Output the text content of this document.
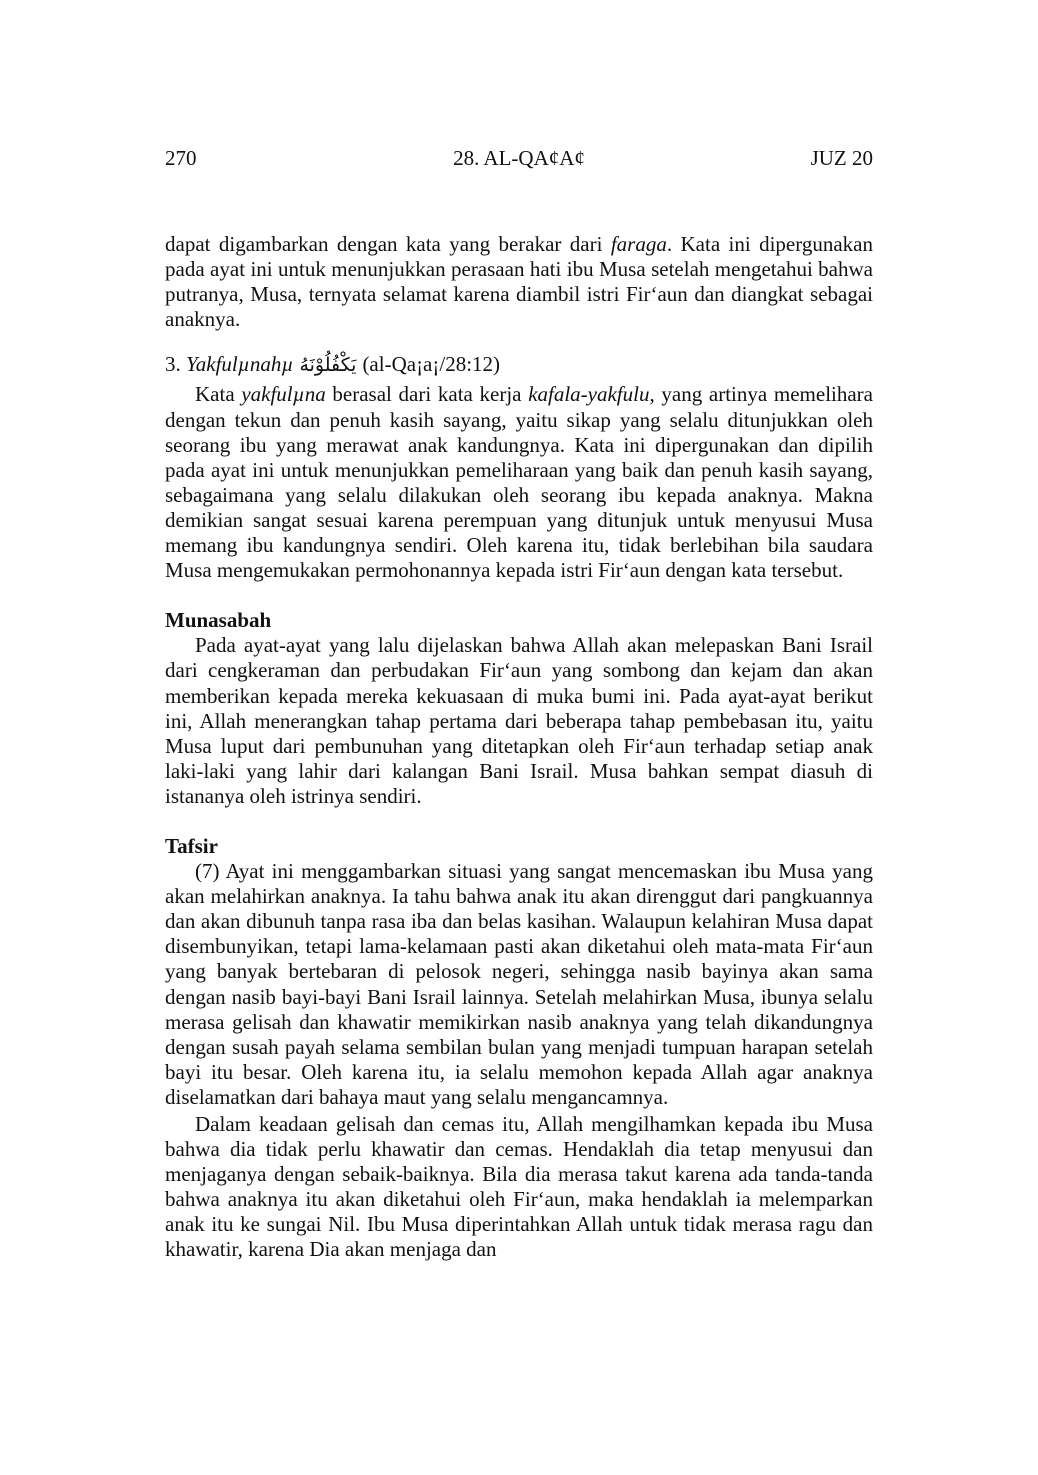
270	28. AL-QA¢A¢	JUZ 20

dapat digambarkan dengan kata yang berakar dari faraga. Kata ini dipergunakan pada ayat ini untuk menunjukkan perasaan hati ibu Musa setelah mengetahui bahwa putranya, Musa, ternyata selamat karena diambil istri Fir‘aun dan diangkat sebagai anaknya.

3. Yakfulµnahµ يَكْفُلُوْنَهُ (al-Qa¡a¡/28:12)

Kata yakfulµna berasal dari kata kerja kafala-yakfulu, yang artinya memelihara dengan tekun dan penuh kasih sayang, yaitu sikap yang selalu ditunjukkan oleh seorang ibu yang merawat anak kandungnya. Kata ini dipergunakan dan dipilih pada ayat ini untuk menunjukkan pemeliharaan yang baik dan penuh kasih sayang, sebagaimana yang selalu dilakukan oleh seorang ibu kepada anaknya. Makna demikian sangat sesuai karena perempuan yang ditunjuk untuk menyusui Musa memang ibu kandungnya sendiri. Oleh karena itu, tidak berlebihan bila saudara Musa mengemukakan permohonannya kepada istri Fir‘aun dengan kata tersebut.

Munasabah

Pada ayat-ayat yang lalu dijelaskan bahwa Allah akan melepaskan Bani Israil dari cengkeraman dan perbudakan Fir‘aun yang sombong dan kejam dan akan memberikan kepada mereka kekuasaan di muka bumi ini. Pada ayat-ayat berikut ini, Allah menerangkan tahap pertama dari beberapa tahap pembebasan itu, yaitu Musa luput dari pembunuhan yang ditetapkan oleh Fir‘aun terhadap setiap anak laki-laki yang lahir dari kalangan Bani Israil. Musa bahkan sempat diasuh di istananya oleh istrinya sendiri.

Tafsir

(7) Ayat ini menggambarkan situasi yang sangat mencemaskan ibu Musa yang akan melahirkan anaknya. Ia tahu bahwa anak itu akan direnggut dari pangkuannya dan akan dibunuh tanpa rasa iba dan belas kasihan. Walaupun kelahiran Musa dapat disembunyikan, tetapi lama-kelamaan pasti akan diketahui oleh mata-mata Fir‘aun yang banyak bertebaran di pelosok negeri, sehingga nasib bayinya akan sama dengan nasib bayi-bayi Bani Israil lainnya. Setelah melahirkan Musa, ibunya selalu merasa gelisah dan khawatir memikirkan nasib anaknya yang telah dikandungnya dengan susah payah selama sembilan bulan yang menjadi tumpuan harapan setelah bayi itu besar. Oleh karena itu, ia selalu memohon kepada Allah agar anaknya diselamatkan dari bahaya maut yang selalu mengancamnya.

Dalam keadaan gelisah dan cemas itu, Allah mengilhamkan kepada ibu Musa bahwa dia tidak perlu khawatir dan cemas. Hendaklah dia tetap menyusui dan menjaganya dengan sebaik-baiknya. Bila dia merasa takut karena ada tanda-tanda bahwa anaknya itu akan diketahui oleh Fir‘aun, maka hendaklah ia melemparkan anak itu ke sungai Nil. Ibu Musa diperintahkan Allah untuk tidak merasa ragu dan khawatir, karena Dia akan menjaga dan
